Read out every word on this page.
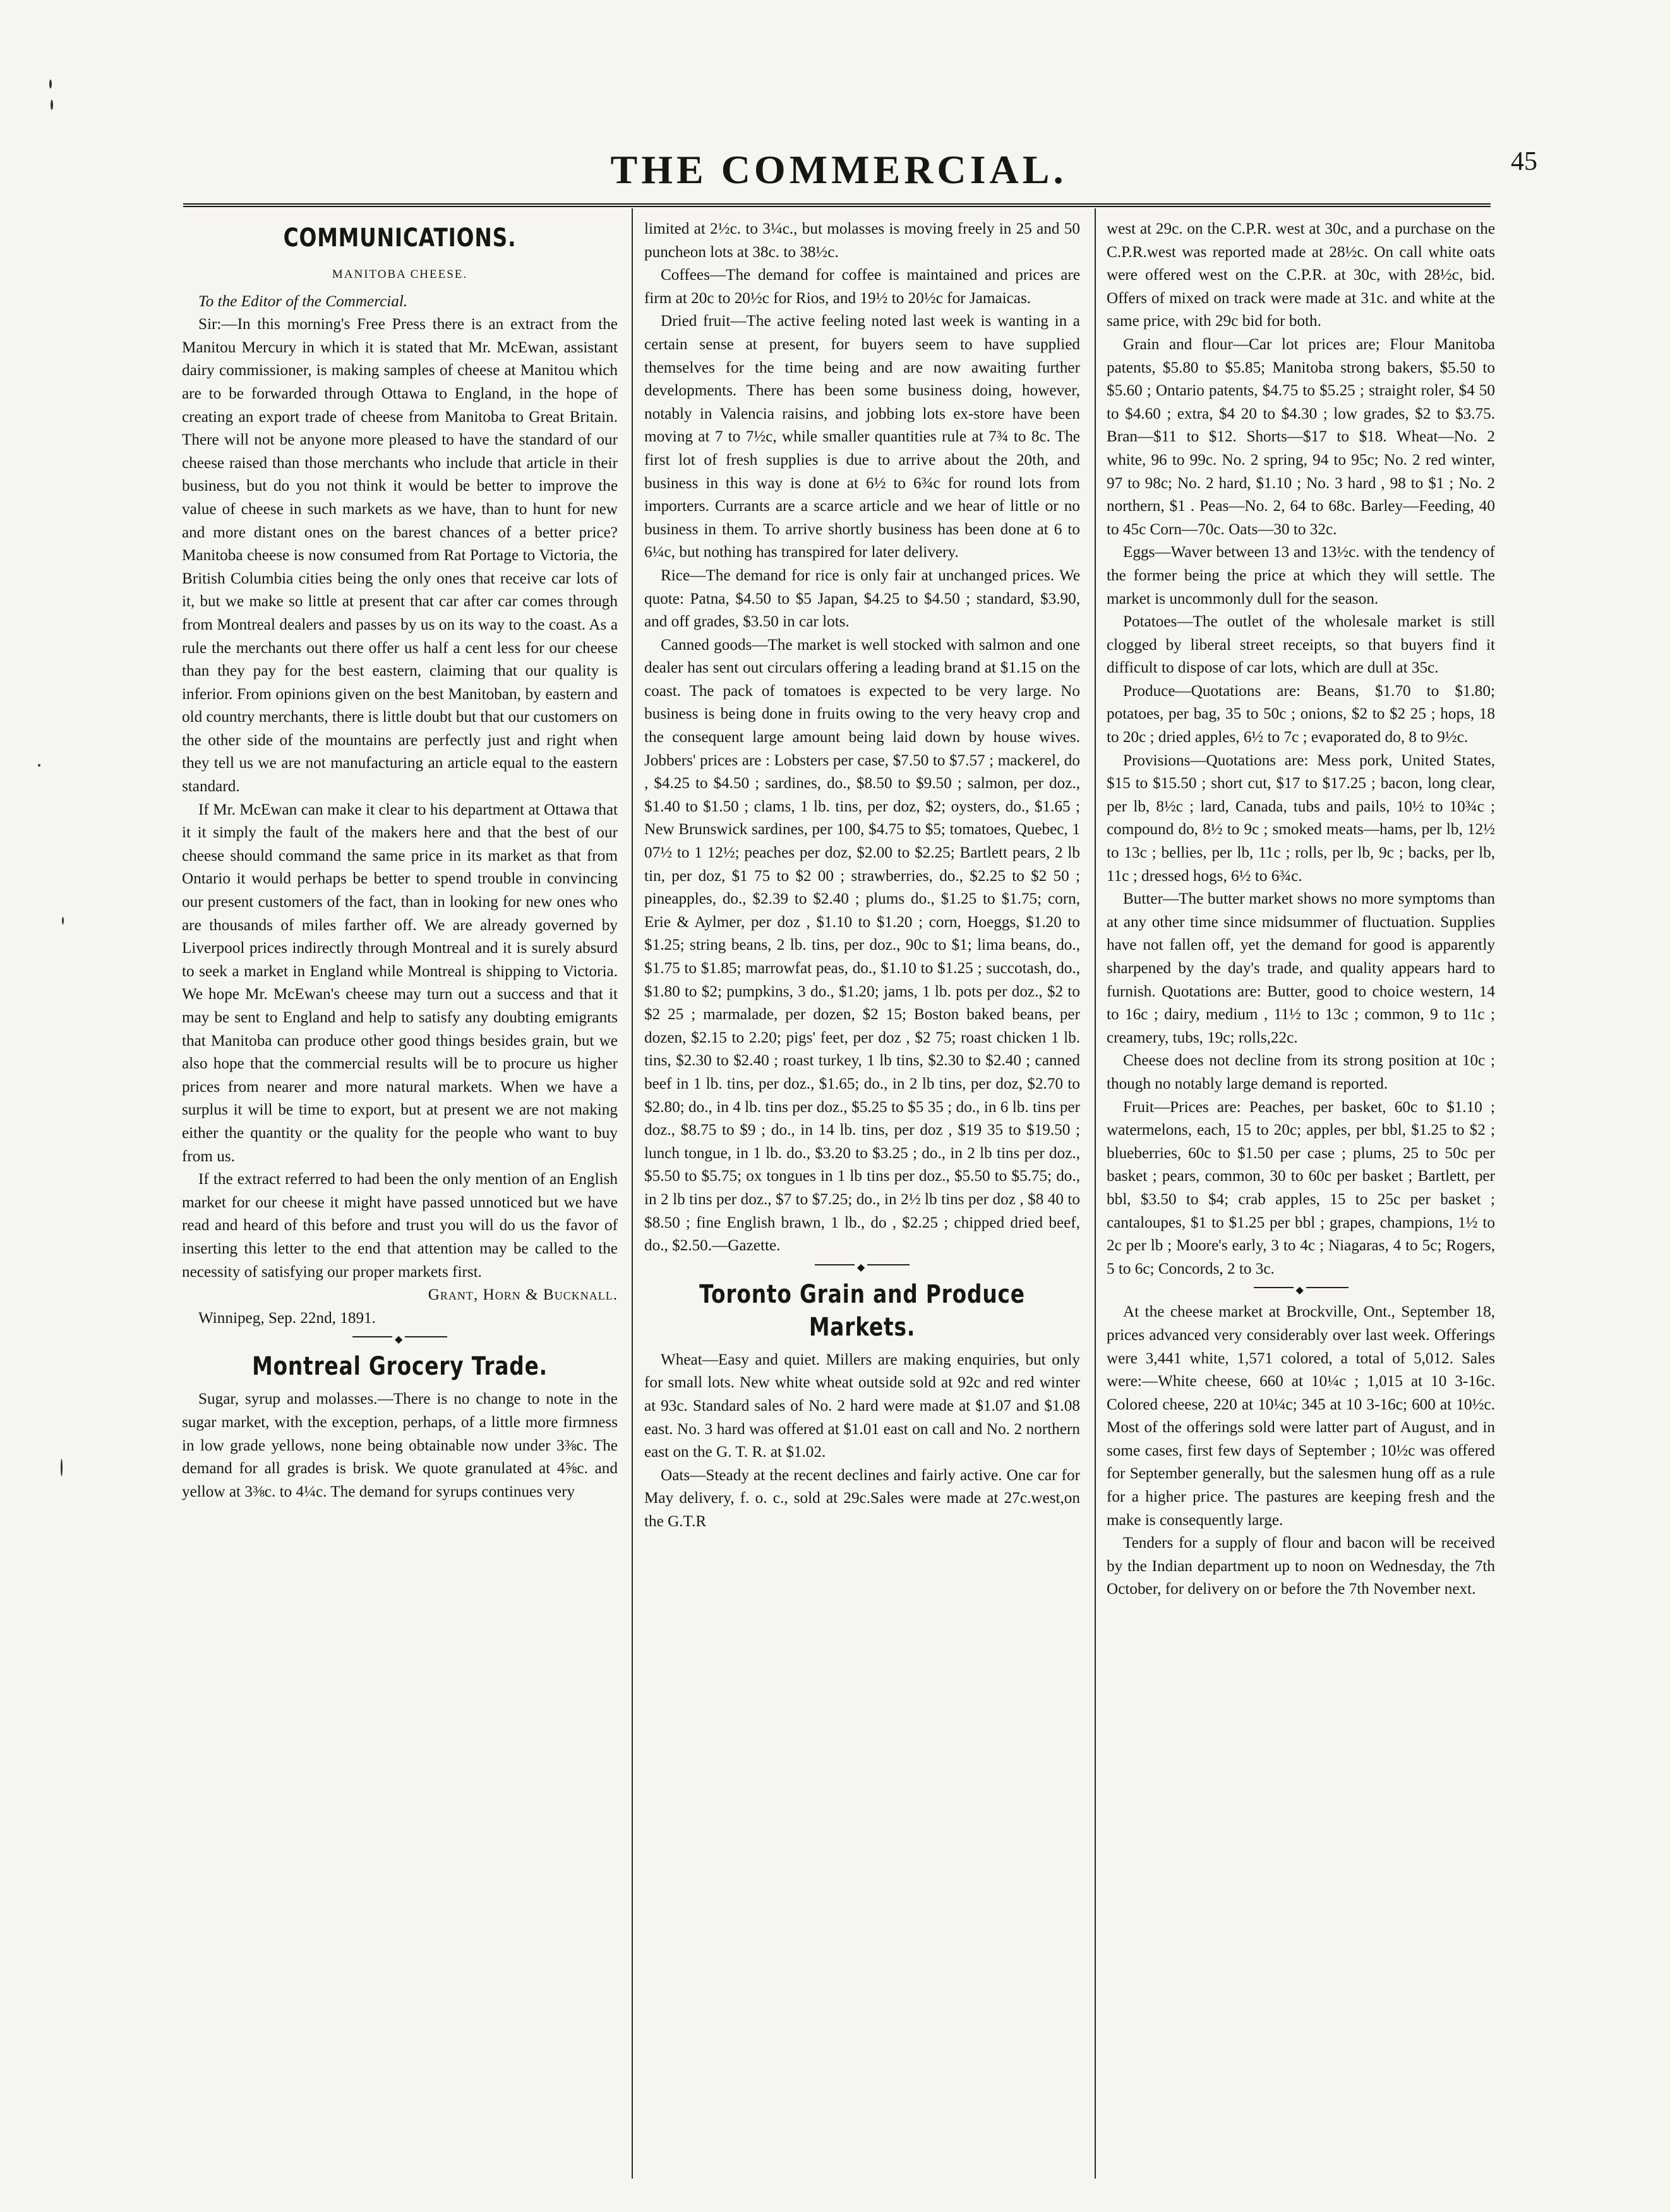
THE COMMERCIAL.	45
COMMUNICATIONS.
MANITOBA CHEESE.

To the Editor of the Commercial.

Sir:—In this morning's Free Press there is an extract from the Manitou Mercury in which it is stated that Mr. McEwan, assistant dairy commissioner, is making samples of cheese at Manitou which are to be forwarded through Ottawa to England, in the hope of creating an export trade of cheese from Manitoba to Great Britain. There will not be anyone more pleased to have the standard of our cheese raised than those merchants who include that article in their business, but do you not think it would be better to improve the value of cheese in such markets as we have, than to hunt for new and more distant ones on the barest chances of a better price? Manitoba cheese is now consumed from Rat Portage to Victoria, the British Columbia cities being the only ones that receive car lots of it, but we make so little at present that car after car comes through from Montreal dealers and passes by us on its way to the coast. As a rule the merchants out there offer us half a cent less for our cheese than they pay for the best eastern, claiming that our quality is inferior. From opinions given on the best Manitoban, by eastern and old country merchants, there is little doubt but that our customers on the other side of the mountains are perfectly just and right when they tell us we are not manufacturing an article equal to the eastern standard.

If Mr. McEwan can make it clear to his department at Ottawa that it it simply the fault of the makers here and that the best of our cheese should command the same price in its market as that from Ontario it would perhaps be better to spend trouble in convincing our present customers of the fact, than in looking for new ones who are thousands of miles farther off. We are already governed by Liverpool prices indirectly through Montreal and it is surely absurd to seek a market in England while Montreal is shipping to Victoria. We hope Mr. McEwan's cheese may turn out a success and that it may be sent to England and help to satisfy any doubting emigrants that Manitoba can produce other good things besides grain, but we also hope that the commercial results will be to procure us higher prices from nearer and more natural markets. When we have a surplus it will be time to export, but at present we are not making either the quantity or the quality for the people who want to buy from us.

If the extract referred to had been the only mention of an English market for our cheese it might have passed unnoticed but we have read and heard of this before and trust you will do us the favor of inserting this letter to the end that attention may be called to the necessity of satisfying our proper markets first.

Grant, Horn & Bucknall.

Winnipeg, Sep. 22nd, 1891.

◆
Montreal Grocery Trade.

Sugar, syrup and molasses.—There is no change to note in the sugar market, with the exception, perhaps, of a little more firmness in low grade yellows, none being obtainable now under 3⅜c. The demand for all grades is brisk. We quote granulated at 4⅝c. and yellow at 3⅜c. to 4¼c. The demand for syrups continues very

limited at 2½c. to 3¼c., but molasses is moving freely in 25 and 50 puncheon lots at 38c. to 38½c.

Coffees—The demand for coffee is maintained and prices are firm at 20c to 20½c for Rios, and 19½ to 20½c for Jamaicas.

Dried fruit—The active feeling noted last week is wanting in a certain sense at present, for buyers seem to have supplied themselves for the time being and are now awaiting further developments. There has been some business doing, however, notably in Valencia raisins, and jobbing lots ex-store have been moving at 7 to 7½c, while smaller quantities rule at 7¾ to 8c. The first lot of fresh supplies is due to arrive about the 20th, and business in this way is done at 6½ to 6¾c for round lots from importers. Currants are a scarce article and we hear of little or no business in them. To arrive shortly business has been done at 6 to 6¼c, but nothing has transpired for later delivery.

Rice—The demand for rice is only fair at unchanged prices. We quote: Patna, $4.50 to $5 Japan, $4.25 to $4.50 ; standard, $3.90, and off grades, $3.50 in car lots.

Canned goods—The market is well stocked with salmon and one dealer has sent out circulars offering a leading brand at $1.15 on the coast. The pack of tomatoes is expected to be very large. No business is being done in fruits owing to the very heavy crop and the consequent large amount being laid down by house wives. Jobbers' prices are : Lobsters per case, $7.50 to $7.57 ; mackerel, do , $4.25 to $4.50 ; sardines, do., $8.50 to $9.50 ; salmon, per doz., $1.40 to $1.50 ; clams, 1 lb. tins, per doz, $2; oysters, do., $1.65 ; New Brunswick sardines, per 100, $4.75 to $5; tomatoes, Quebec, 1 07½ to 1 12½; peaches per doz, $2.00 to $2.25; Bartlett pears, 2 lb tin, per doz, $1 75 to $2 00 ; strawberries, do., $2.25 to $2 50 ; pineapples, do., $2.39 to $2.40 ; plums do., $1.25 to $1.75; corn, Erie & Aylmer, per doz , $1.10 to $1.20 ; corn, Hoeggs, $1.20 to $1.25; string beans, 2 lb. tins, per doz., 90c to $1; lima beans, do., $1.75 to $1.85; marrowfat peas, do., $1.10 to $1.25 ; succotash, do., $1.80 to $2; pumpkins, 3 do., $1.20; jams, 1 lb. pots per doz., $2 to $2 25 ; marmalade, per dozen, $2 15; Boston baked beans, per dozen, $2.15 to 2.20; pigs' feet, per doz , $2 75; roast chicken 1 lb. tins, $2.30 to $2.40 ; roast turkey, 1 lb tins, $2.30 to $2.40 ; canned beef in 1 lb. tins, per doz., $1.65; do., in 2 lb tins, per doz, $2.70 to $2.80; do., in 4 lb. tins per doz., $5.25 to $5 35 ; do., in 6 lb. tins per doz., $8.75 to $9 ; do., in 14 lb. tins, per doz , $19 35 to $19.50 ; lunch tongue, in 1 lb. do., $3.20 to $3.25 ; do., in 2 lb tins per doz., $5.50 to $5.75; ox tongues in 1 lb tins per doz., $5.50 to $5.75; do., in 2 lb tins per doz., $7 to $7.25; do., in 2½ lb tins per doz , $8 40 to $8.50 ; fine English brawn, 1 lb., do , $2.25 ; chipped dried beef, do., $2.50.—Gazette.

◆
Toronto Grain and Produce Markets.

Wheat—Easy and quiet. Millers are making enquiries, but only for small lots. New white wheat outside sold at 92c and red winter at 93c. Standard sales of No. 2 hard were made at $1.07 and $1.08 east. No. 3 hard was offered at $1.01 east on call and No. 2 northern east on the G. T. R. at $1.02.

Oats—Steady at the recent declines and fairly active. One car for May delivery, f. o. c., sold at 29c.Sales were made at 27c.west,on the G.T.R

west at 29c. on the C.P.R. west at 30c, and a purchase on the C.P.R.west was reported made at 28½c. On call white oats were offered west on the C.P.R. at 30c, with 28½c, bid. Offers of mixed on track were made at 31c. and white at the same price, with 29c bid for both.

Grain and flour—Car lot prices are; Flour Manitoba patents, $5.80 to $5.85; Manitoba strong bakers, $5.50 to $5.60 ; Ontario patents, $4.75 to $5.25 ; straight roler, $4 50 to $4.60 ; extra, $4 20 to $4.30 ; low grades, $2 to $3.75. Bran—$11 to $12. Shorts—$17 to $18. Wheat—No. 2 white, 96 to 99c. No. 2 spring, 94 to 95c; No. 2 red winter, 97 to 98c; No. 2 hard, $1.10 ; No. 3 hard , 98 to $1 ; No. 2 northern, $1 . Peas—No. 2, 64 to 68c. Barley—Feeding, 40 to 45c Corn—70c. Oats—30 to 32c.

Eggs—Waver between 13 and 13½c. with the tendency of the former being the price at which they will settle. The market is uncommonly dull for the season.

Potatoes—The outlet of the wholesale market is still clogged by liberal street receipts, so that buyers find it difficult to dispose of car lots, which are dull at 35c.

Produce—Quotations are: Beans, $1.70 to $1.80; potatoes, per bag, 35 to 50c ; onions, $2 to $2 25 ; hops, 18 to 20c ; dried apples, 6½ to 7c ; evaporated do, 8 to 9½c.

Provisions—Quotations are: Mess pork, United States, $15 to $15.50 ; short cut, $17 to $17.25 ; bacon, long clear, per lb, 8½c ; lard, Canada, tubs and pails, 10½ to 10¾c ; compound do, 8½ to 9c ; smoked meats—hams, per lb, 12½ to 13c ; bellies, per lb, 11c ; rolls, per lb, 9c ; backs, per lb, 11c ; dressed hogs, 6½ to 6¾c.

Butter—The butter market shows no more symptoms than at any other time since midsummer of fluctuation. Supplies have not fallen off, yet the demand for good is apparently sharpened by the day's trade, and quality appears hard to furnish. Quotations are: Butter, good to choice western, 14 to 16c ; dairy, medium , 11½ to 13c ; common, 9 to 11c ; creamery, tubs, 19c; rolls,22c.

Cheese does not decline from its strong position at 10c ; though no notably large demand is reported.

Fruit—Prices are: Peaches, per basket, 60c to $1.10 ; watermelons, each, 15 to 20c; apples, per bbl, $1.25 to $2 ; blueberries, 60c to $1.50 per case ; plums, 25 to 50c per basket ; pears, common, 30 to 60c per basket ; Bartlett, per bbl, $3.50 to $4; crab apples, 15 to 25c per basket ; cantaloupes, $1 to $1.25 per bbl ; grapes, champions, 1½ to 2c per lb ; Moore's early, 3 to 4c ; Niagaras, 4 to 5c; Rogers, 5 to 6c; Concords, 2 to 3c.

◆

At the cheese market at Brockville, Ont., September 18, prices advanced very considerably over last week. Offerings were 3,441 white, 1,571 colored, a total of 5,012. Sales were:—White cheese, 660 at 10¼c ; 1,015 at 10 3-16c. Colored cheese, 220 at 10¼c; 345 at 10 3-16c; 600 at 10½c. Most of the offerings sold were latter part of August, and in some cases, first few days of September ; 10½c was offered for September generally, but the salesmen hung off as a rule for a higher price. The pastures are keeping fresh and the make is consequently large.

Tenders for a supply of flour and bacon will be received by the Indian department up to noon on Wednesday, the 7th October, for delivery on or before the 7th November next.
